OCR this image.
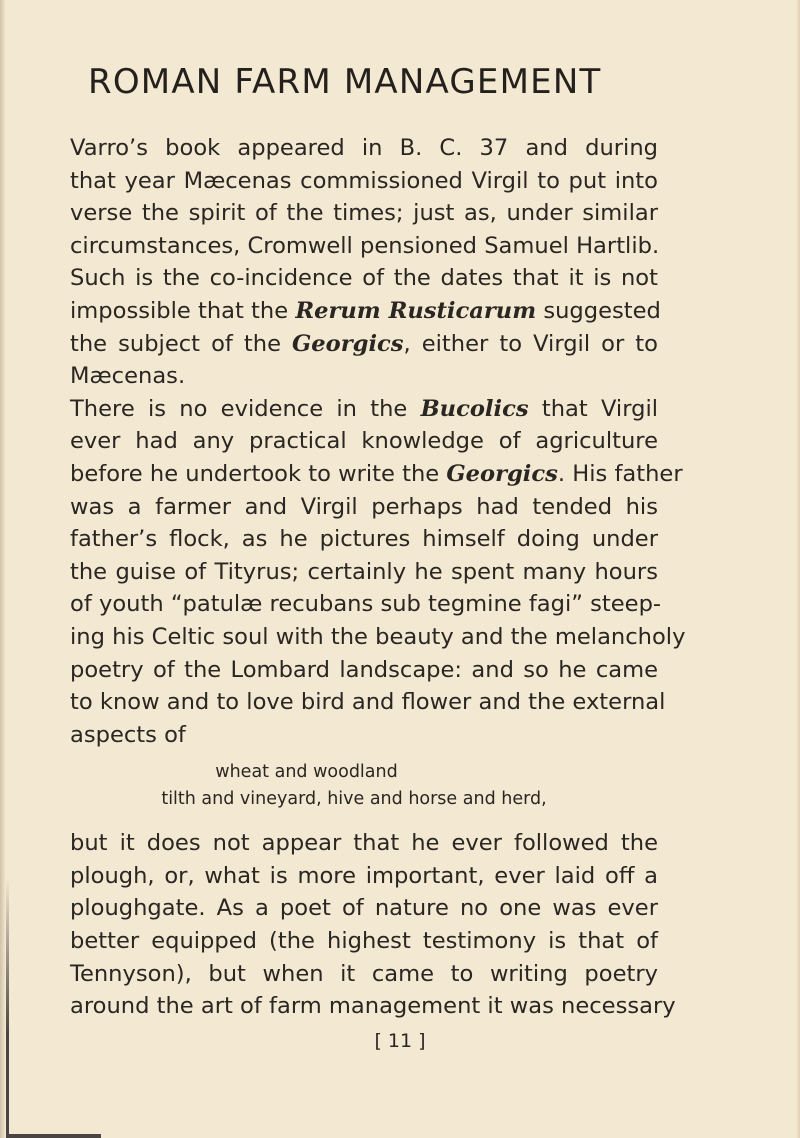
ROMAN FARM MANAGEMENT
Varro’s book appeared in B. C. 37 and during
that year Mæcenas commissioned Virgil to put into
verse the spirit of the times; just as, under similar
circumstances, Cromwell pensioned Samuel Hartlib.
Such is the co-incidence of the dates that it is not
impossible that the Rerum Rusticarum suggested
the subject of the Georgics, either to Virgil or to
Mæcenas.
There is no evidence in the Bucolics that Virgil
ever had any practical knowledge of agriculture
before he undertook to write the Georgics. His father
was a farmer and Virgil perhaps had tended his
father’s flock, as he pictures himself doing under
the guise of Tityrus; certainly he spent many hours
of youth “patulæ recubans sub tegmine fagi” steep-
ing his Celtic soul with the beauty and the melancholy
poetry of the Lombard landscape: and so he came
to know and to love bird and flower and the external
aspects of
wheat and woodland
tilth and vineyard, hive and horse and herd,
but it does not appear that he ever followed the
plough, or, what is more important, ever laid off a
ploughgate. As a poet of nature no one was ever
better equipped (the highest testimony is that of
Tennyson), but when it came to writing poetry
around the art of farm management it was necessary
[ 11 ]
